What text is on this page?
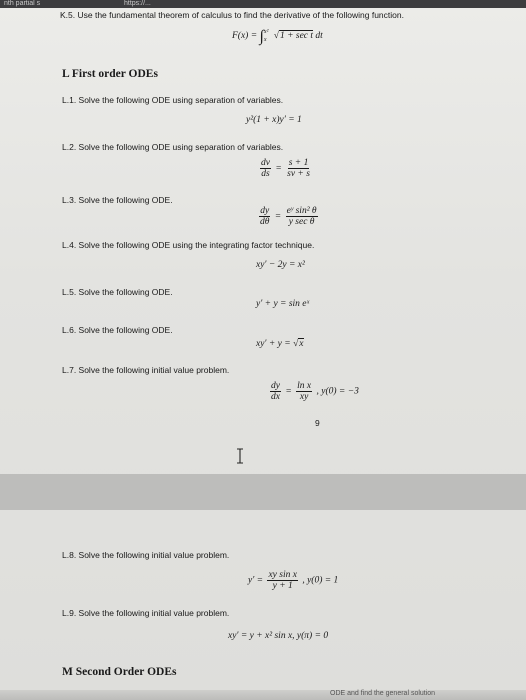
nth partial s	https://...
K.5. Use the fundamental theorem of calculus to find the derivative of the following function.
F(x) = ∫ x²
x √1 + sec t dt
L First order ODEs
L.1. Solve the following ODE using separation of variables.
y²(1 + x)y′ = 1
L.2. Solve the following ODE using separation of variables.
$\frac{dv}{ds} = \frac{s + 1}{sv + s}$
L.3. Solve the following ODE.
$\frac{dy}{d\theta} = \frac{\text{eʸ sin² θ}}{\text{y sec θ}}$
L.4. Solve the following ODE using the integrating factor technique.
xy′ − 2y = x²
L.5. Solve the following ODE.
y′ + y = sin eˣ
L.6. Solve the following ODE.
xy′ + y = √x
L.7. Solve the following initial value problem.
$\frac{dy}{dx} = \frac{\text{ln x}}{xy}$ , y(0) = −3
9
L.8. Solve the following initial value problem.
$y' = \frac{\text{xy sin x}}{y + 1}$ , y(0) = 1
L.9. Solve the following initial value problem.
xy′ = y + x² sin x, y(π) = 0
M Second Order ODEs
ODE and find the general solution
